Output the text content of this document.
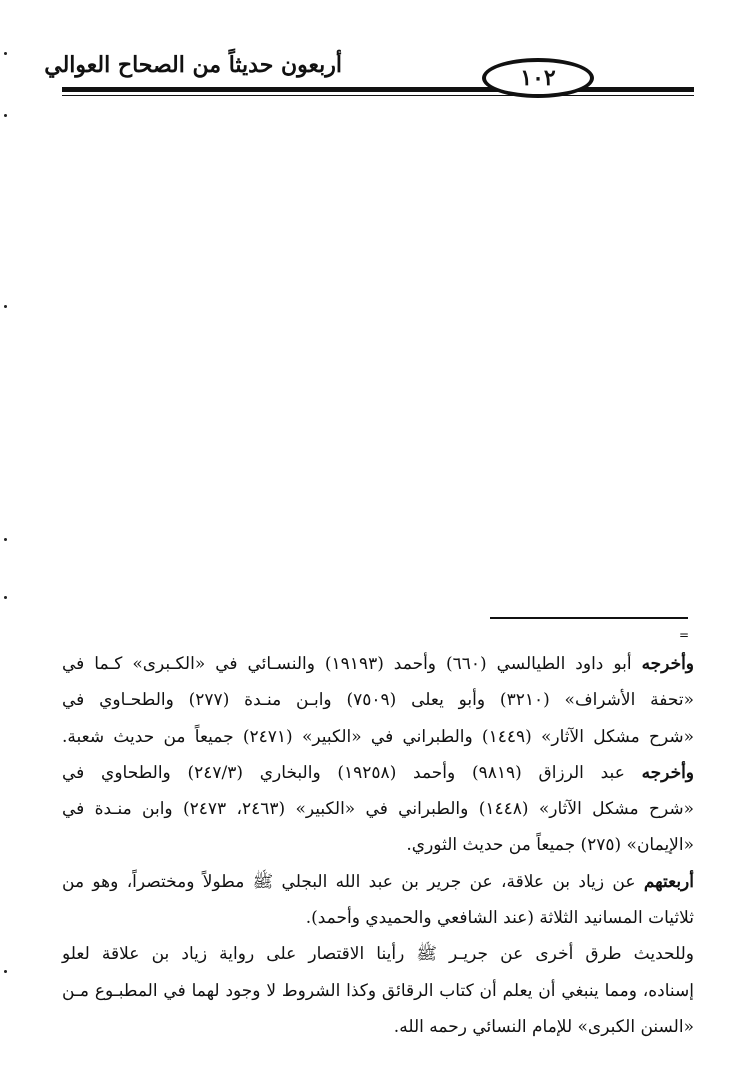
أربعون حديثاً من الصحاح العوالي	١٠٢
=
وأخرجه أبو داود الطيالسي (٦٦٠) وأحمد (١٩١٩٣) والنسـائي في «الكـبرى» كـما في
«تحفة الأشراف» (٣٢١٠) وأبو يعلى (٧٥٠٩) وابـن منـدة (٢٧٧) والطحـاوي في
«شرح مشكل الآثار» (١٤٤٩) والطبراني في «الكبير» (٢٤٧١) جميعاً من حديث شعبة.
وأخرجه عبد الرزاق (٩٨١٩) وأحمد (١٩٢٥٨) والبخاري (٢٤٧/٣) والطحاوي في
«شرح مشكل الآثار» (١٤٤٨) والطبراني في «الكبير» (٢٤٦٣، ٢٤٧٣) وابن منـدة في
«الإيمان» (٢٧٥) جميعاً من حديث الثوري.
أربعتهم عن زياد بن علاقة، عن جرير بن عبد الله البجلي ﷺ مطولاً ومختصراً، وهو من
ثلاثيات المسانيد الثلاثة (عند الشافعي والحميدي وأحمد).
وللحديث طرق أخرى عن جريـر ﷺ رأينا الاقتصار على رواية زياد بن علاقة لعلو
إسناده، ومما ينبغي أن يعلم أن كتاب الرقائق وكذا الشروط لا وجود لهما في المطبـوع مـن
«السنن الكبرى» للإمام النسائي رحمه الله.
